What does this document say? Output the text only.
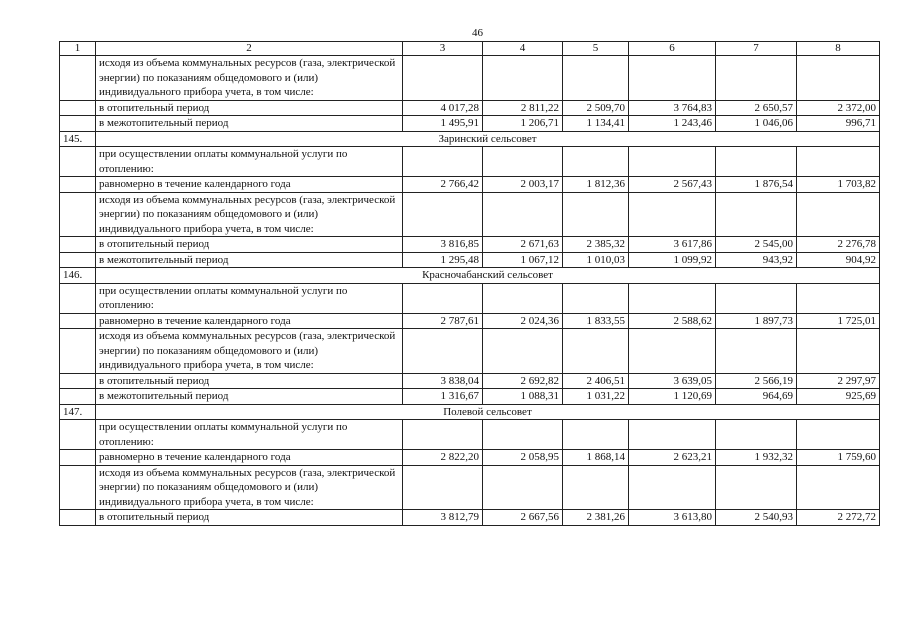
46
1	2	3	4	5	6	7	8
	исходя из объема коммунальных ресурсов (газа, электрической энергии) по показаниям общедомового и (или) индивидуального прибора учета, в том числе:						
	в отопительный период	4 017,28	2 811,22	2 509,70	3 764,83	2 650,57	2 372,00
	в межотопительный период	1 495,91	1 206,71	1 134,41	1 243,46	1 046,06	996,71
145.	Заринский сельсовет						
	при осуществлении оплаты коммунальной услуги по отоплению:						
	равномерно в течение календарного года	2 766,42	2 003,17	1 812,36	2 567,43	1 876,54	1 703,82
	исходя из объема коммунальных ресурсов (газа, электрической энергии) по показаниям общедомового и (или) индивидуального прибора учета, в том числе:						
	в отопительный период	3 816,85	2 671,63	2 385,32	3 617,86	2 545,00	2 276,78
	в межотопительный период	1 295,48	1 067,12	1 010,03	1 099,92	943,92	904,92
146.	Красночабанский сельсовет						
	при осуществлении оплаты коммунальной услуги по отоплению:						
	равномерно в течение календарного года	2 787,61	2 024,36	1 833,55	2 588,62	1 897,73	1 725,01
	исходя из объема коммунальных ресурсов (газа, электрической энергии) по показаниям общедомового и (или) индивидуального прибора учета, в том числе:						
	в отопительный период	3 838,04	2 692,82	2 406,51	3 639,05	2 566,19	2 297,97
	в межотопительный период	1 316,67	1 088,31	1 031,22	1 120,69	964,69	925,69
147.	Полевой сельсовет						
	при осуществлении оплаты коммунальной услуги по отоплению:						
	равномерно в течение календарного года	2 822,20	2 058,95	1 868,14	2 623,21	1 932,32	1 759,60
	исходя из объема коммунальных ресурсов (газа, электрической энергии) по показаниям общедомового и (или) индивидуального прибора учета, в том числе:						
	в отопительный период	3 812,79	2 667,56	2 381,26	3 613,80	2 540,93	2 272,72
